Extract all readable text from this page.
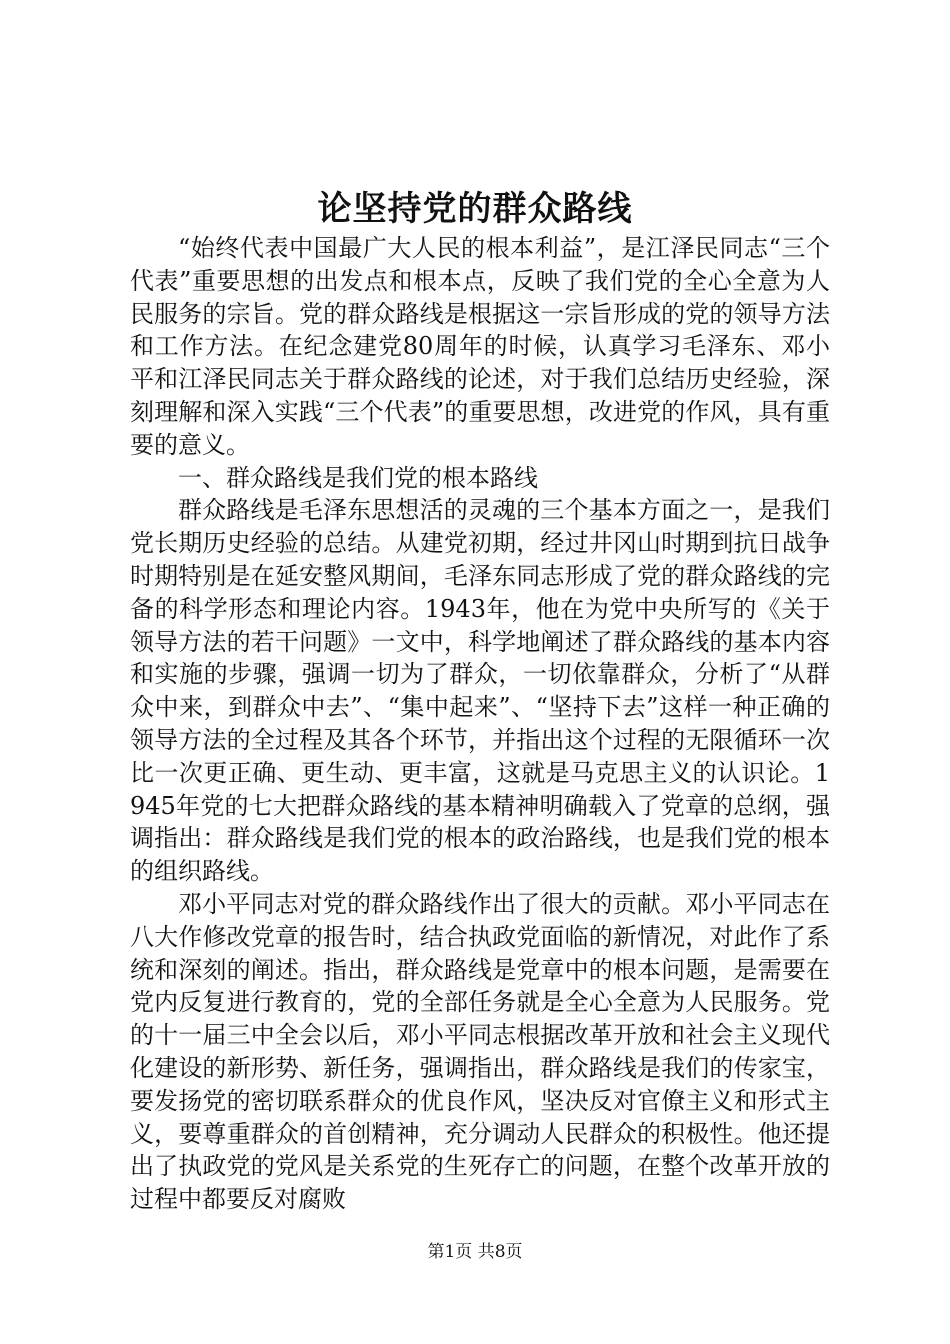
论坚持党的群众路线

“始终代表中国最广大人民的根本利益”，是江泽民同志“三个代表”重要思想的出发点和根本点，反映了我们党的全心全意为人民服务的宗旨。党的群众路线是根据这一宗旨形成的党的领导方法和工作方法。在纪念建党80周年的时候，认真学习毛泽东、邓小平和江泽民同志关于群众路线的论述，对于我们总结历史经验，深刻理解和深入实践“三个代表”的重要思想，改进党的作风，具有重要的意义。

一、群众路线是我们党的根本路线

群众路线是毛泽东思想活的灵魂的三个基本方面之一，是我们党长期历史经验的总结。从建党初期，经过井冈山时期到抗日战争时期特别是在延安整风期间，毛泽东同志形成了党的群众路线的完备的科学形态和理论内容。1943年，他在为党中央所写的《关于领导方法的若干问题》一文中，科学地阐述了群众路线的基本内容和实施的步骤，强调一切为了群众，一切依靠群众，分析了“从群众中来，到群众中去”、“集中起来”、“坚持下去”这样一种正确的领导方法的全过程及其各个环节，并指出这个过程的无限循环一次比一次更正确、更生动、更丰富，这就是马克思主义的认识论。1945年党的七大把群众路线的基本精神明确载入了党章的总纲，强调指出：群众路线是我们党的根本的政治路线，也是我们党的根本的组织路线。

邓小平同志对党的群众路线作出了很大的贡献。邓小平同志在八大作修改党章的报告时，结合执政党面临的新情况，对此作了系统和深刻的阐述。指出，群众路线是党章中的根本问题，是需要在党内反复进行教育的，党的全部任务就是全心全意为人民服务。党的十一届三中全会以后，邓小平同志根据改革开放和社会主义现代化建设的新形势、新任务，强调指出，群众路线是我们的传家宝，要发扬党的密切联系群众的优良作风，坚决反对官僚主义和形式主义，要尊重群众的首创精神，充分调动人民群众的积极性。他还提出了执政党的党风是关系党的生死存亡的问题，在整个改革开放的过程中都要反对腐败

第1页 共8页
